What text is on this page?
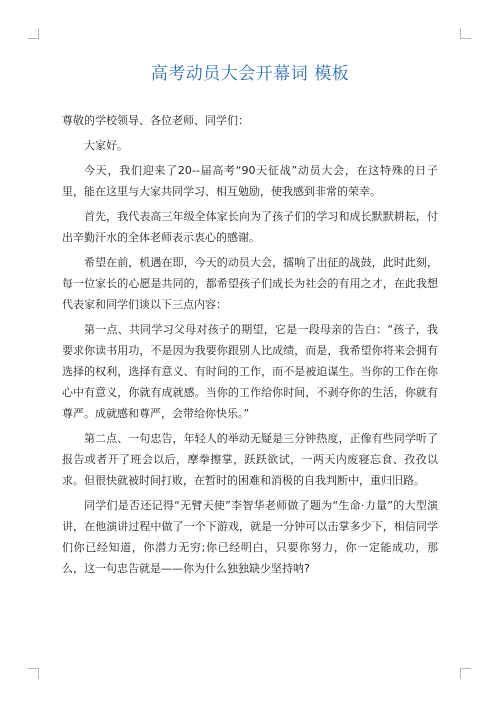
高考动员大会开幕词 模板

尊敬的学校领导、各位老师、同学们：

大家好。

今天，我们迎来了20--届高考“90天征战”动员大会，在这特殊的日子里，能在这里与大家共同学习、相互勉励，使我感到非常的荣幸。

首先，我代表高三年级全体家长向为了孩子们的学习和成长默默耕耘，付出辛勤汗水的全体老师表示衷心的感谢。

希望在前，机遇在即，今天的动员大会，擂响了出征的战鼓，此时此刻，每一位家长的心愿是共同的，都希望孩子们成长为社会的有用之才，在此我想代表家和同学们谈以下三点内容：

第一点、共同学习父母对孩子的期望，它是一段母亲的告白：“孩子，我要求你读书用功，不是因为我要你跟别人比成绩，而是，我希望你将来会拥有选择的权利，选择有意义、有时间的工作，而不是被迫谋生。当你的工作在你心中有意义，你就有成就感。当你的工作给你时间，不剥夺你的生活，你就有尊严。成就感和尊严，会带给你快乐。”

第二点、一句忠告，年轻人的举动无疑是三分钟热度，正像有些同学听了报告或者开了班会以后，摩拳擦掌，跃跃欲试，一两天内废寝忘食、孜孜以求。但很快就被时间打败，在暂时的困难和消极的自我判断中，重归旧路。

同学们是否还记得“无臂天使”李智华老师做了题为“生命·力量”的大型演讲，在他演讲过程中做了一个下游戏，就是一分钟可以击掌多少下，相信同学们你已经知道，你潜力无穷;你已经明白，只要你努力，你一定能成功，那么，这一句忠告就是——你为什么独独缺少坚持呐?
